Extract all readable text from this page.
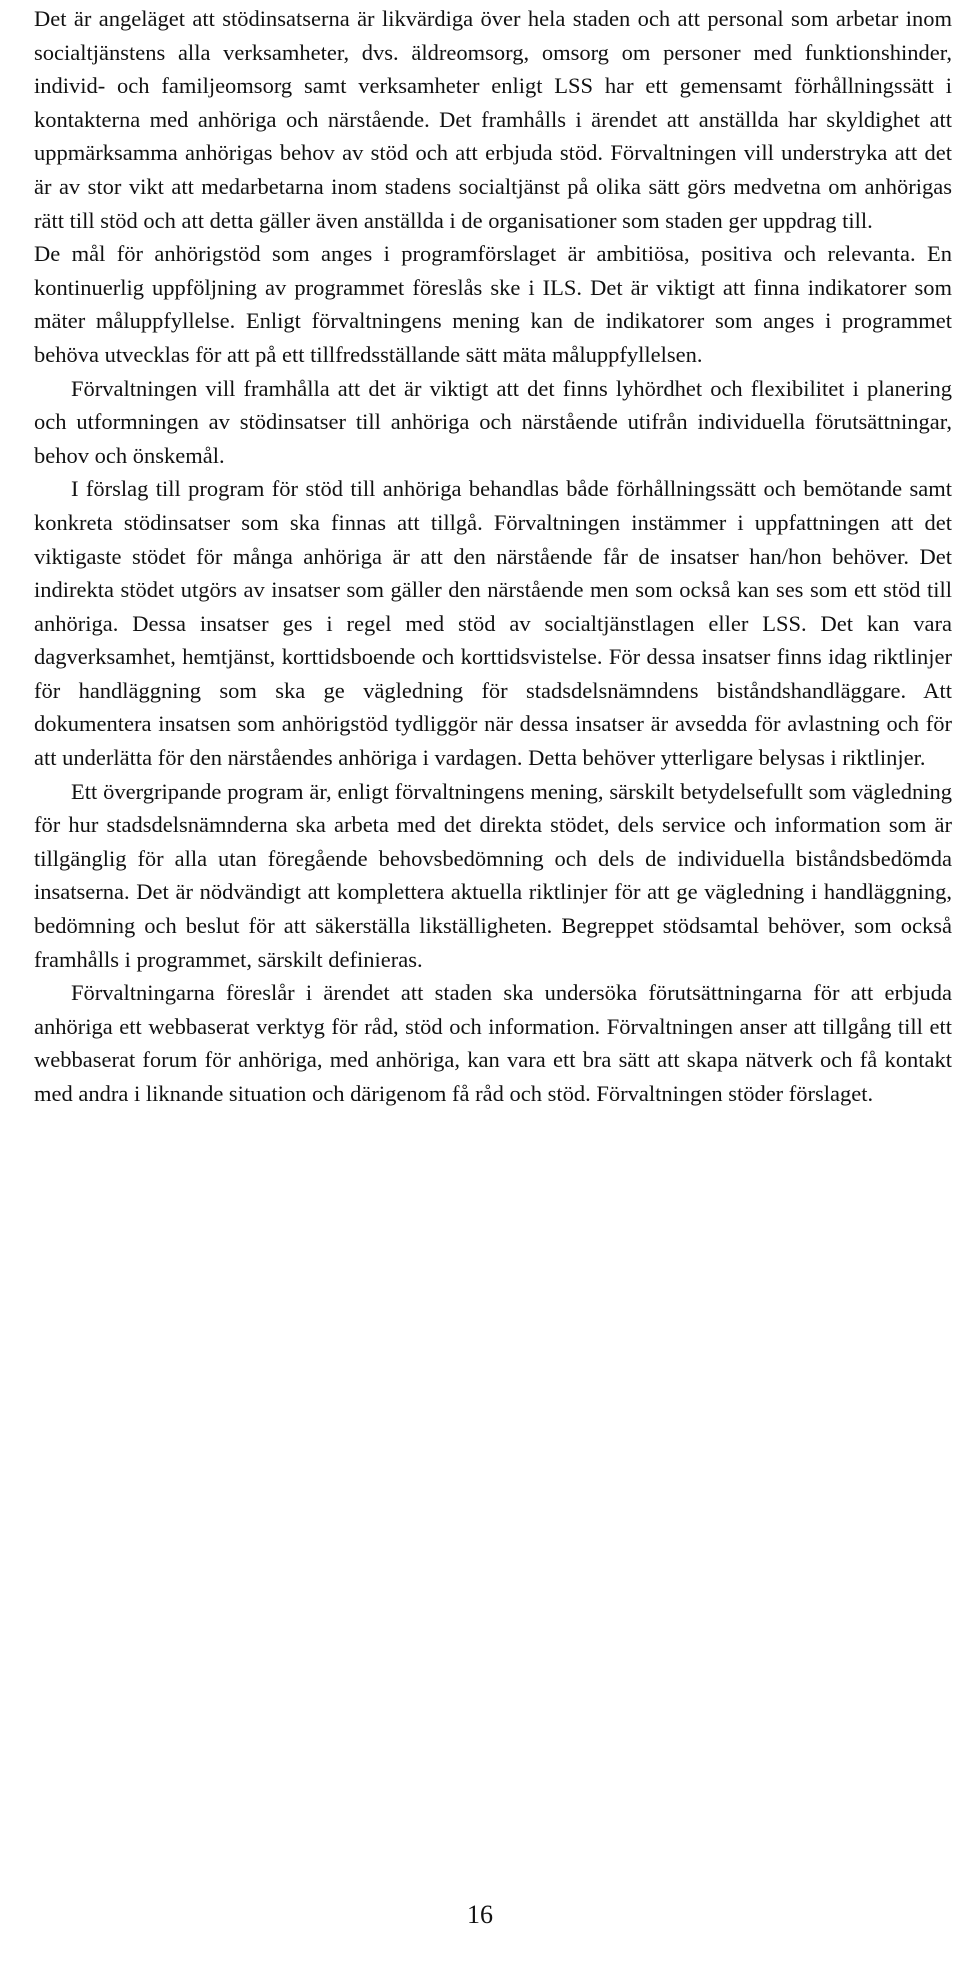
Det är angeläget att stödinsatserna är likvärdiga över hela staden och att personal som arbetar inom socialtjänstens alla verksamheter, dvs. äldreomsorg, omsorg om personer med funktionshinder, individ- och familjeomsorg samt verksamheter enligt LSS har ett gemensamt förhållningssätt i kontakterna med anhöriga och närstående. Det framhålls i ärendet att anställda har skyldighet att uppmärksamma anhörigas behov av stöd och att erbjuda stöd. Förvaltningen vill understryka att det är av stor vikt att medarbetarna inom stadens socialtjänst på olika sätt görs medvetna om anhörigas rätt till stöd och att detta gäller även anställda i de organisationer som staden ger uppdrag till.

De mål för anhörigstöd som anges i programförslaget är ambitiösa, positiva och relevanta. En kontinuerlig uppföljning av programmet föreslås ske i ILS. Det är viktigt att finna indikatorer som mäter måluppfyllelse. Enligt förvaltningens mening kan de indikatorer som anges i programmet behöva utvecklas för att på ett tillfredsställande sätt mäta måluppfyllelsen.

Förvaltningen vill framhålla att det är viktigt att det finns lyhördhet och flexibilitet i planering och utformningen av stödinsatser till anhöriga och närstående utifrån individuella förutsättningar, behov och önskemål.

I förslag till program för stöd till anhöriga behandlas både förhållningssätt och bemötande samt konkreta stödinsatser som ska finnas att tillgå. Förvaltningen instämmer i uppfattningen att det viktigaste stödet för många anhöriga är att den närstående får de insatser han/hon behöver. Det indirekta stödet utgörs av insatser som gäller den närstående men som också kan ses som ett stöd till anhöriga. Dessa insatser ges i regel med stöd av socialtjänstlagen eller LSS. Det kan vara dagverksamhet, hemtjänst, korttidsboende och korttidsvistelse. För dessa insatser finns idag riktlinjer för handläggning som ska ge vägledning för stadsdelsnämndens biståndshandläggare. Att dokumentera insatsen som anhörigstöd tydliggör när dessa insatser är avsedda för avlastning och för att underlätta för den närståendes anhöriga i vardagen. Detta behöver ytterligare belysas i riktlinjer.

Ett övergripande program är, enligt förvaltningens mening, särskilt betydelsefullt som vägledning för hur stadsdelsnämnderna ska arbeta med det direkta stödet, dels service och information som är tillgänglig för alla utan föregående behovsbedömning och dels de individuella biståndsbedömda insatserna. Det är nödvändigt att komplettera aktuella riktlinjer för att ge vägledning i handläggning, bedömning och beslut för att säkerställa likställigheten. Begreppet stödsamtal behöver, som också framhålls i programmet, särskilt definieras.

Förvaltningarna föreslår i ärendet att staden ska undersöka förutsättningarna för att erbjuda anhöriga ett webbaserat verktyg för råd, stöd och information. Förvaltningen anser att tillgång till ett webbaserat forum för anhöriga, med anhöriga, kan vara ett bra sätt att skapa nätverk och få kontakt med andra i liknande situation och därigenom få råd och stöd. Förvaltningen stöder förslaget.

16
